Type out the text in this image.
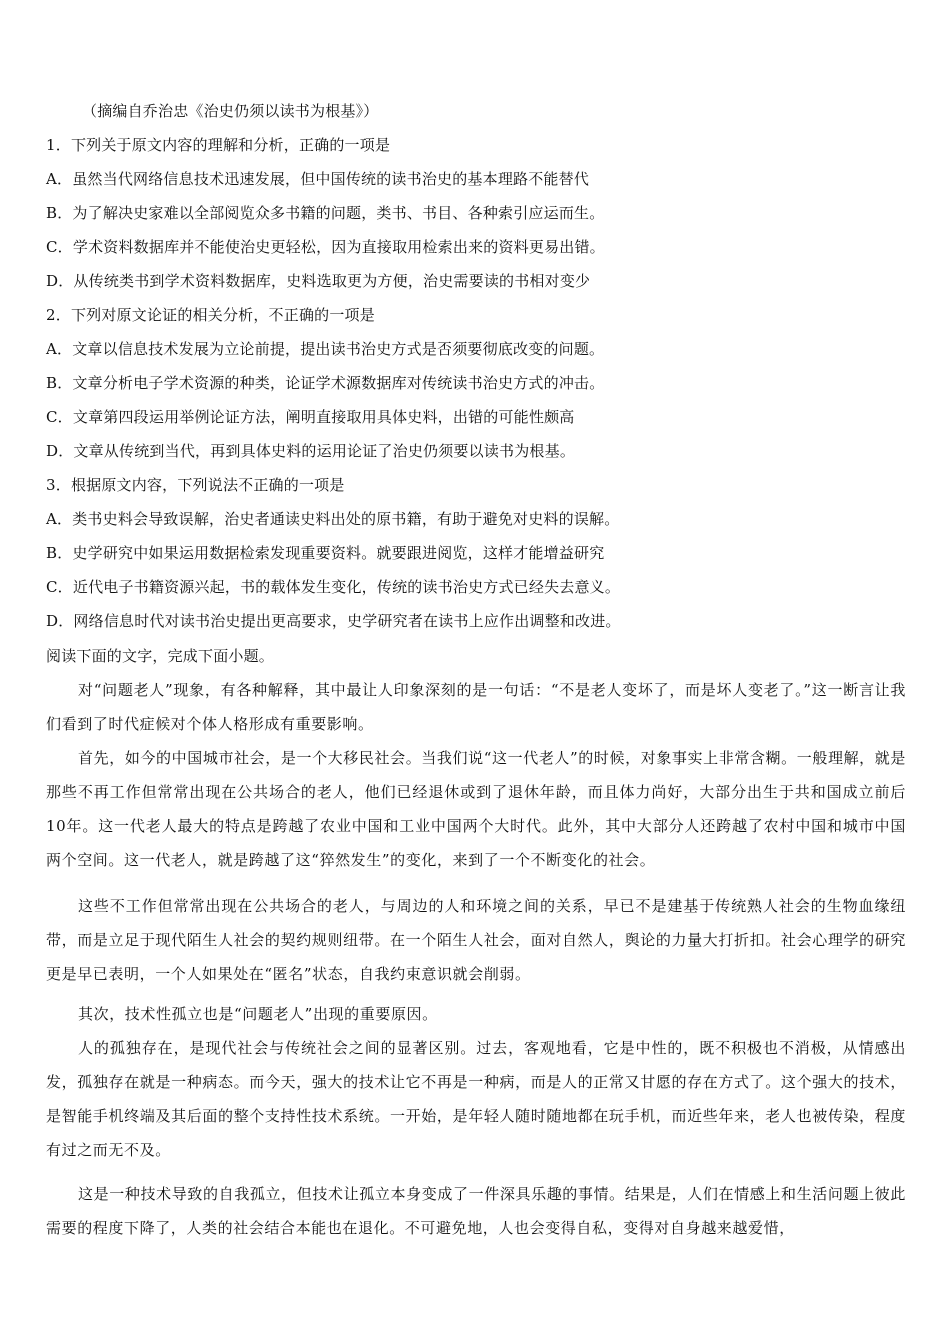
（摘编自乔治忠《治史仍须以读书为根基》）
1．下列关于原文内容的理解和分析，正确的一项是
A．虽然当代网络信息技术迅速发展，但中国传统的读书治史的基本理路不能替代
B．为了解决史家难以全部阅览众多书籍的问题，类书、书目、各种索引应运而生。
C．学术资料数据库并不能使治史更轻松，因为直接取用检索出来的资料更易出错。
D．从传统类书到学术资料数据库，史料选取更为方便，治史需要读的书相对变少
2．下列对原文论证的相关分析，不正确的一项是
A．文章以信息技术发展为立论前提，提出读书治史方式是否须要彻底改变的问题。
B．文章分析电子学术资源的种类，论证学术源数据库对传统读书治史方式的冲击。
C．文章第四段运用举例论证方法，阐明直接取用具体史料，出错的可能性颇高
D．文章从传统到当代，再到具体史料的运用论证了治史仍须要以读书为根基。
3．根据原文内容，下列说法不正确的一项是
A．类书史料会导致误解，治史者通读史料出处的原书籍，有助于避免对史料的误解。
B．史学研究中如果运用数据检索发现重要资料。就要跟进阅览，这样才能增益研究
C．近代电子书籍资源兴起，书的载体发生变化，传统的读书治史方式已经失去意义。
D．网络信息时代对读书治史提出更高要求，史学研究者在读书上应作出调整和改进。
阅读下面的文字，完成下面小题。

对“问题老人”现象，有各种解释，其中最让人印象深刻的是一句话：“不是老人变坏了，而是坏人变老了。”这一断言让我们看到了时代症候对个体人格形成有重要影响。

首先，如今的中国城市社会，是一个大移民社会。当我们说“这一代老人”的时候，对象事实上非常含糊。一般理解，就是那些不再工作但常常出现在公共场合的老人，他们已经退休或到了退休年龄，而且体力尚好，大部分出生于共和国成立前后10年。这一代老人最大的特点是跨越了农业中国和工业中国两个大时代。此外，其中大部分人还跨越了农村中国和城市中国两个空间。这一代老人，就是跨越了这“猝然发生”的变化，来到了一个不断变化的社会。

这些不工作但常常出现在公共场合的老人，与周边的人和环境之间的关系，早已不是建基于传统熟人社会的生物血缘纽带，而是立足于现代陌生人社会的契约规则纽带。在一个陌生人社会，面对自然人，舆论的力量大打折扣。社会心理学的研究更是早已表明，一个人如果处在“匿名”状态，自我约束意识就会削弱。

其次，技术性孤立也是“问题老人”出现的重要原因。

人的孤独存在，是现代社会与传统社会之间的显著区别。过去，客观地看，它是中性的，既不积极也不消极，从情感出发，孤独存在就是一种病态。而今天，强大的技术让它不再是一种病，而是人的正常又甘愿的存在方式了。这个强大的技术，是智能手机终端及其后面的整个支持性技术系统。一开始，是年轻人随时随地都在玩手机，而近些年来，老人也被传染，程度有过之而无不及。

这是一种技术导致的自我孤立，但技术让孤立本身变成了一件深具乐趣的事情。结果是，人们在情感上和生活问题上彼此需要的程度下降了，人类的社会结合本能也在退化。不可避免地，人也会变得自私，变得对自身越来越爱惜，
